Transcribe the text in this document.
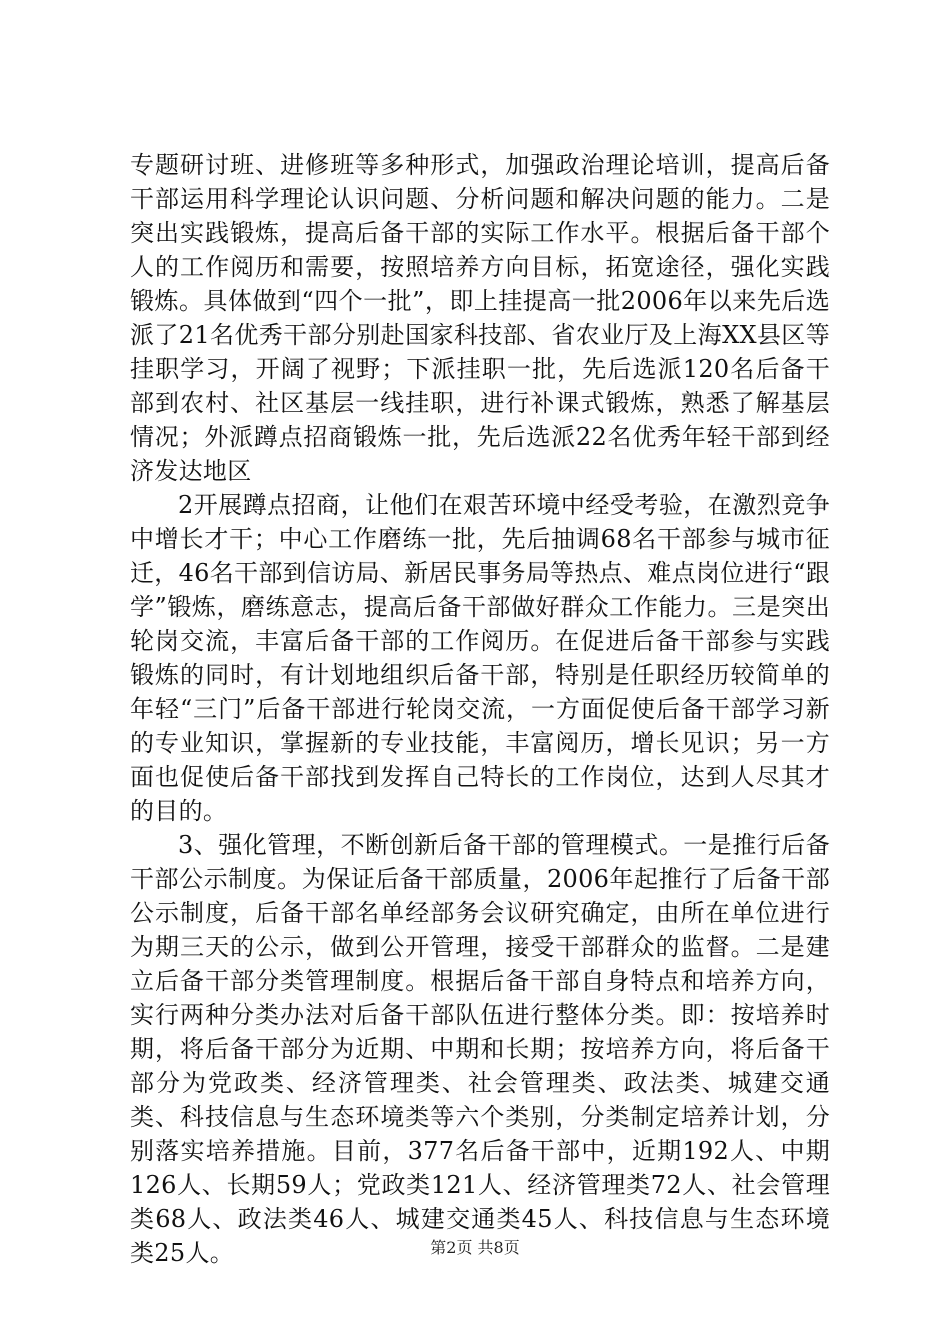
专题研讨班、进修班等多种形式，加强政治理论培训，提高后备干部运用科学理论认识问题、分析问题和解决问题的能力。二是突出实践锻炼，提高后备干部的实际工作水平。根据后备干部个人的工作阅历和需要，按照培养方向目标，拓宽途径，强化实践锻炼。具体做到“四个一批”，即上挂提高一批2006年以来先后选派了21名优秀干部分别赴国家科技部、省农业厅及上海XX县区等挂职学习，开阔了视野；下派挂职一批，先后选派120名后备干部到农村、社区基层一线挂职，进行补课式锻炼，熟悉了解基层情况；外派蹲点招商锻炼一批，先后选派22名优秀年轻干部到经济发达地区

2开展蹲点招商，让他们在艰苦环境中经受考验，在激烈竞争中增长才干；中心工作磨练一批，先后抽调68名干部参与城市征迁，46名干部到信访局、新居民事务局等热点、难点岗位进行“跟学”锻炼，磨练意志，提高后备干部做好群众工作能力。三是突出轮岗交流，丰富后备干部的工作阅历。在促进后备干部参与实践锻炼的同时，有计划地组织后备干部，特别是任职经历较简单的年轻“三门”后备干部进行轮岗交流，一方面促使后备干部学习新的专业知识，掌握新的专业技能，丰富阅历，增长见识；另一方面也促使后备干部找到发挥自己特长的工作岗位，达到人尽其才的目的。

3、强化管理，不断创新后备干部的管理模式。一是推行后备干部公示制度。为保证后备干部质量，2006年起推行了后备干部公示制度，后备干部名单经部务会议研究确定，由所在单位进行为期三天的公示，做到公开管理，接受干部群众的监督。二是建立后备干部分类管理制度。根据后备干部自身特点和培养方向，实行两种分类办法对后备干部队伍进行整体分类。即：按培养时期，将后备干部分为近期、中期和长期；按培养方向，将后备干部分为党政类、经济管理类、社会管理类、政法类、城建交通类、科技信息与生态环境类等六个类别，分类制定培养计划，分别落实培养措施。目前，377名后备干部中，近期192人、中期126人、长期59人；党政类121人、经济管理类72人、社会管理类68人、政法类46人、城建交通类45人、科技信息与生态环境类25人。	第2页 共8页
